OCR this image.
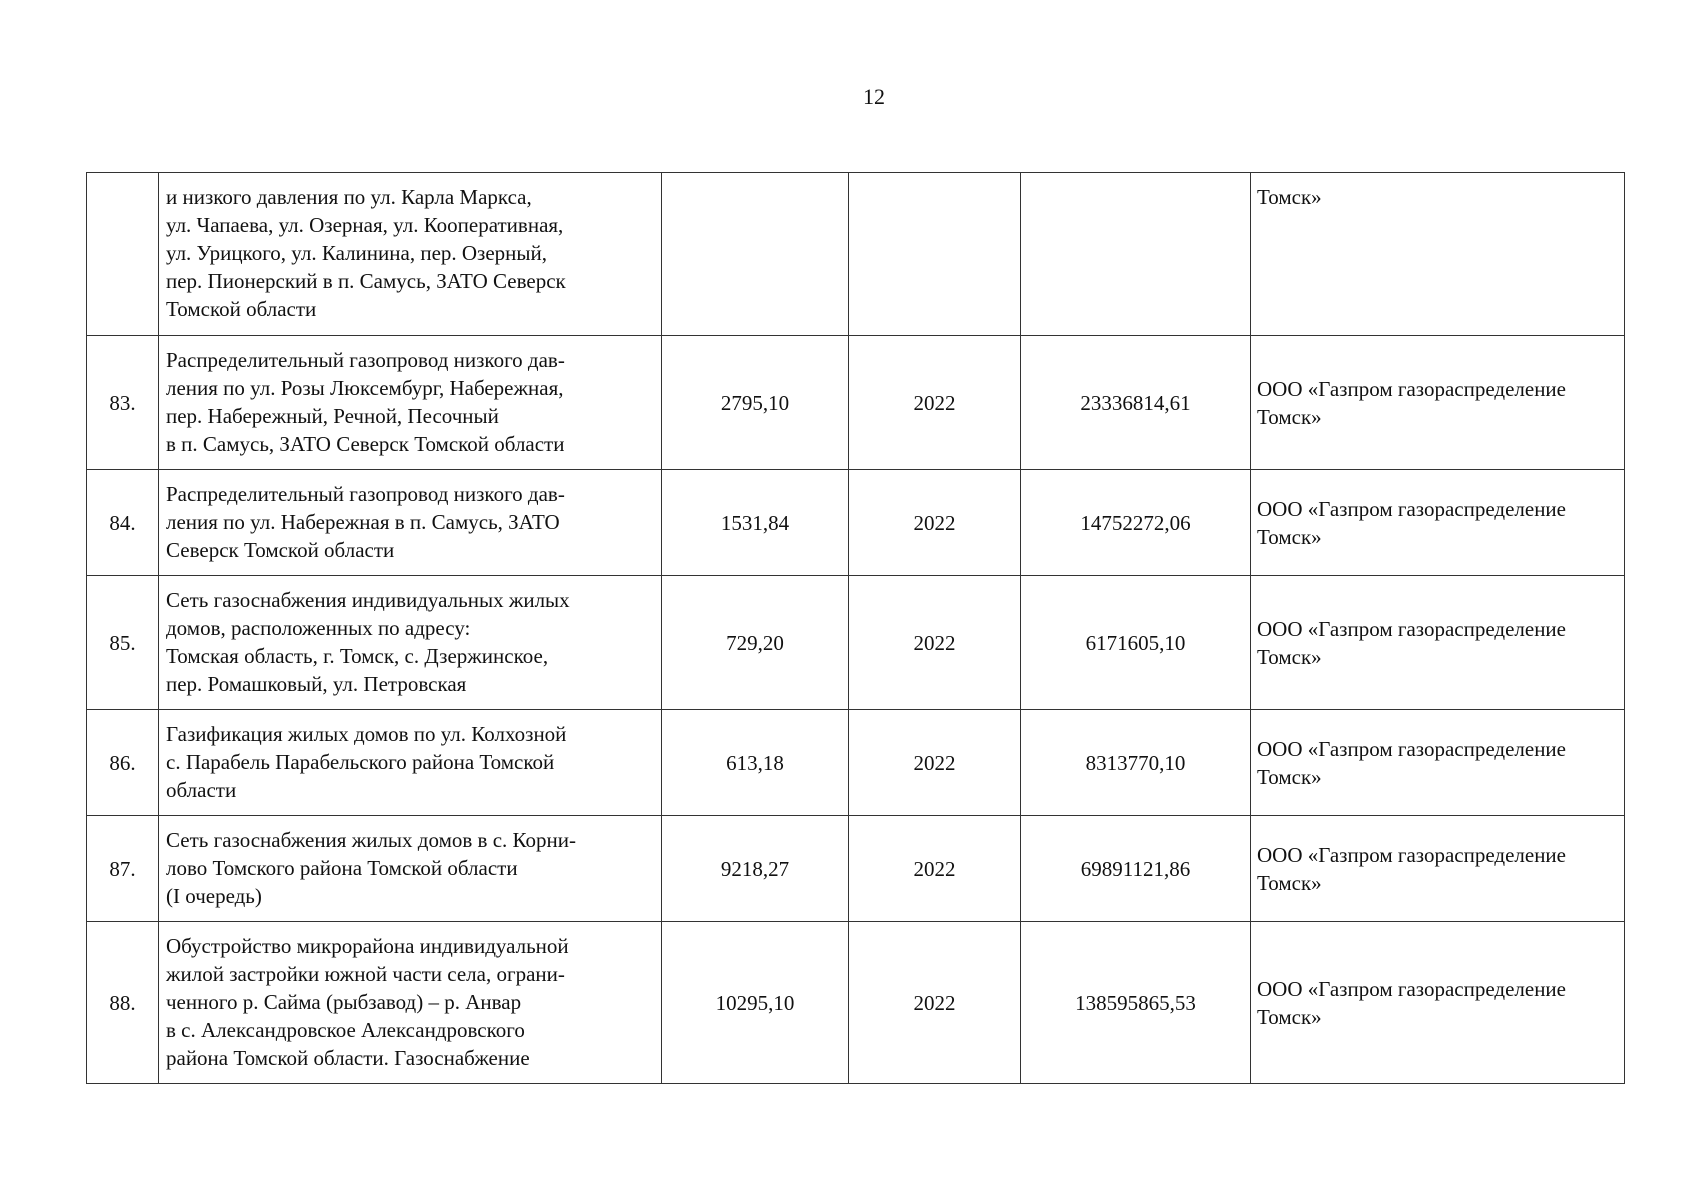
12

	и низкого давления по ул. Карла Маркса,
ул. Чапаева, ул. Озерная, ул. Кооперативная,
ул. Урицкого, ул. Калинина, пер. Озерный,
пер. Пионерский в п. Самусь, ЗАТО Северск
Томской области				Томск»

83.	Распределительный газопровод низкого дав-
ления по ул. Розы Люксембург, Набережная,
пер. Набережный, Речной, Песочный
в п. Самусь, ЗАТО Северск Томской области	2795,10	2022	23336814,61	ООО «Газпром газораспределение
Томск»

84.	Распределительный газопровод низкого дав-
ления по ул. Набережная в п. Самусь, ЗАТО
Северск Томской области	1531,84	2022	14752272,06	ООО «Газпром газораспределение
Томск»

85.	Сеть газоснабжения индивидуальных жилых
домов, расположенных по адресу:
Томская область, г. Томск, с. Дзержинское,
пер. Ромашковый, ул. Петровская	729,20	2022	6171605,10	ООО «Газпром газораспределение
Томск»

86.	Газификация жилых домов по ул. Колхозной
с. Парабель Парабельского района Томской
области	613,18	2022	8313770,10	ООО «Газпром газораспределение
Томск»

87.	Сеть газоснабжения жилых домов в с. Корни-
лово Томского района Томской области
(I очередь)	9218,27	2022	69891121,86	ООО «Газпром газораспределение
Томск»

88.	Обустройство микрорайона индивидуальной
жилой застройки южной части села, ограни-
ченного р. Сайма (рыбзавод) – р. Анвар
в с. Александровское Александровского
района Томской области. Газоснабжение	10295,10	2022	138595865,53	ООО «Газпром газораспределение
Томск»
